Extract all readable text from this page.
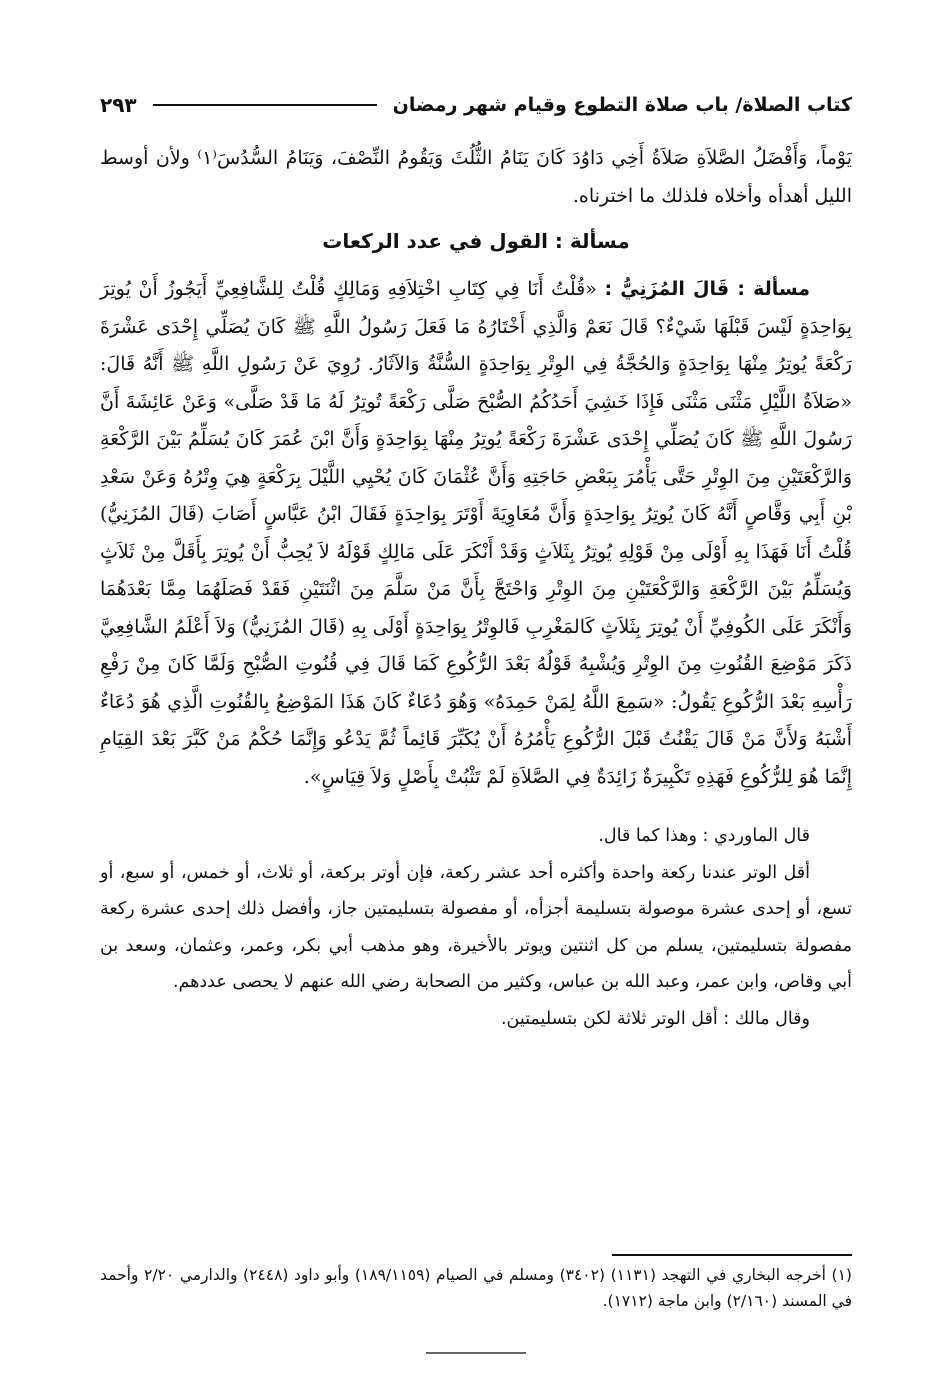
كتاب الصلاة/ باب صلاة التطوع وقيام شهر رمضان
٢٩٣

يَوْماً، وَأَفْضَلُ الصَّلاَةِ صَلاَةُ أَخِي دَاوُدَ كَانَ يَنَامُ الثُّلُثَ وَيَقُومُ النِّصْفَ، وَيَنَامُ السُّدُسَ⁽١⁾ ولأن أوسط الليل أهدأه وأخلاه فلذلك ما اخترناه.

مسألة : القول في عدد الركعات

مسألة : قَالَ المُزَنِيُّ : «قُلْتُ أَنَا فِي كِتَابِ اخْتِلاَفِهِ وَمَالِكٍ قُلْتُ لِلشَّافِعِيِّ أَيَجُوزُ أَنْ يُوتِرَ بِوَاحِدَةٍ لَيْسَ قَبْلَهَا شَيْءٌ؟ قَالَ نَعَمْ وَالَّذِي أَخْتَارُهُ مَا فَعَلَ رَسُولُ اللَّهِ ﷺ كَانَ يُصَلِّي إِحْدَى عَشْرَةَ رَكْعَةً يُوتِرُ مِنْهَا بِوَاحِدَةٍ وَالحُجَّةُ فِي الوِتْرِ بِوَاحِدَةٍ السُّنَّةُ وَالآثَارُ. رُوِيَ عَنْ رَسُولِ اللَّهِ ﷺ أَنَّهُ قَالَ: «صَلاَةُ اللَّيْلِ مَثْنَى مَثْنَى فَإِذَا خَشِيَ أَحَدُكُمُ الصُّبْحَ صَلَّى رَكْعَةً تُوتِرُ لَهُ مَا قَدْ صَلَّى» وَعَنْ عَائِشَةَ أَنَّ رَسُولَ اللَّهِ ﷺ كَانَ يُصَلِّي إِحْدَى عَشْرَةَ رَكْعَةً يُوتِرُ مِنْهَا بِوَاحِدَةٍ وَأَنَّ ابْنَ عُمَرَ كَانَ يُسَلِّمُ بَيْنَ الرَّكْعَةِ وَالرَّكْعَتَيْنِ مِنَ الوِتْرِ حَتَّى يَأْمُرَ بِبَعْضِ حَاجَتِهِ وَأَنَّ عُثْمَانَ كَانَ يُحْيِي اللَّيْلَ بِرَكْعَةٍ هِيَ وِتْرُهُ وَعَنْ سَعْدِ بْنِ أَبِي وَقَّاصٍ أَنَّهُ كَانَ يُوتِرُ بِوَاحِدَةٍ وَأَنَّ مُعَاوِيَةَ أَوْتَرَ بِوَاحِدَةٍ فَقَالَ ابْنُ عَبَّاسٍ أَصَابَ (قَالَ المُزَنِيُّ) قُلْتُ أَنَا فَهَذَا بِهِ أَوْلَى مِنْ قَوْلِهِ يُوتِرُ بِثَلاَثٍ وَقَدْ أَنْكَرَ عَلَى مَالِكٍ قَوْلَهُ لاَ يُحِبُّ أَنْ يُوتِرَ بِأَقَلَّ مِنْ ثَلاَثٍ وَيُسَلِّمُ بَيْنَ الرَّكْعَةِ وَالرَّكْعَتَيْنِ مِنَ الوِتْرِ وَاحْتَجَّ بِأَنَّ مَنْ سَلَّمَ مِنَ اثْنَتَيْنِ فَقَدْ فَصَلَهُمَا مِمَّا بَعْدَهُمَا وَأَنْكَرَ عَلَى الكُوفِيِّ أَنْ يُوتِرَ بِثَلاَثٍ كَالمَغْرِبِ فَالوِتْرُ بِوَاحِدَةٍ أَوْلَى بِهِ (قَالَ المُزَنِيُّ) وَلاَ أَعْلَمُ الشَّافِعِيَّ ذَكَرَ مَوْضِعَ القُنُوتِ مِنَ الوِتْرِ وَيُشْبِهُ قَوْلُهُ بَعْدَ الرُّكُوعِ كَمَا قَالَ فِي قُنُوتِ الصُّبْحِ وَلَمَّا كَانَ مِنْ رَفْعِ رَأْسِهِ بَعْدَ الرُّكُوعِ يَقُولُ: «سَمِعَ اللَّهُ لِمَنْ حَمِدَهُ» وَهُوَ دُعَاءٌ كَانَ هَذَا المَوْضِعُ بِالقُنُوتِ الَّذِي هُوَ دُعَاءٌ أَشْبَهُ وَلأَنَّ مَنْ قَالَ يَقْنُتُ قَبْلَ الرُّكُوعِ يَأْمُرُهُ أَنْ يُكَبِّرَ قَائِماً ثُمَّ يَدْعُو وَإِنَّمَا حُكْمُ مَنْ كَبَّرَ بَعْدَ القِيَامِ إِنَّمَا هُوَ لِلرُّكُوعِ فَهَذِهِ تَكْبِيرَةٌ زَائِدَةٌ فِي الصَّلاَةِ لَمْ تَثْبُتْ بِأَصْلٍ وَلاَ قِيَاسٍ».

قال الماوردي : وهذا كما قال.

أقل الوتر عندنا ركعة واحدة وأكثره أحد عشر ركعة، فإن أوتر بركعة، أو ثلاث، أو خمس، أو سبع، أو تسع، أو إحدى عشرة موصولة بتسليمة أجزأه، أو مفصولة بتسليمتين جاز، وأفضل ذلك إحدى عشرة ركعة مفصولة بتسليمتين، يسلم من كل اثنتين ويوتر بالأخيرة، وهو مذهب أبي بكر، وعمر، وعثمان، وسعد بن أبي وقاص، وابن عمر، وعبد الله بن عباس، وكثير من الصحابة رضي الله عنهم لا يحصى عددهم.

وقال مالك : أقل الوتر ثلاثة لكن بتسليمتين.

(١) أخرجه البخاري في التهجد (١١٣١) (٣٤٠٢) ومسلم في الصيام (١٨٩/١١٥٩) وأبو داود (٢٤٤٨) والدارمي ٢/٢٠ وأحمد في المسند (٢/١٦٠) وابن ماجة (١٧١٢).
